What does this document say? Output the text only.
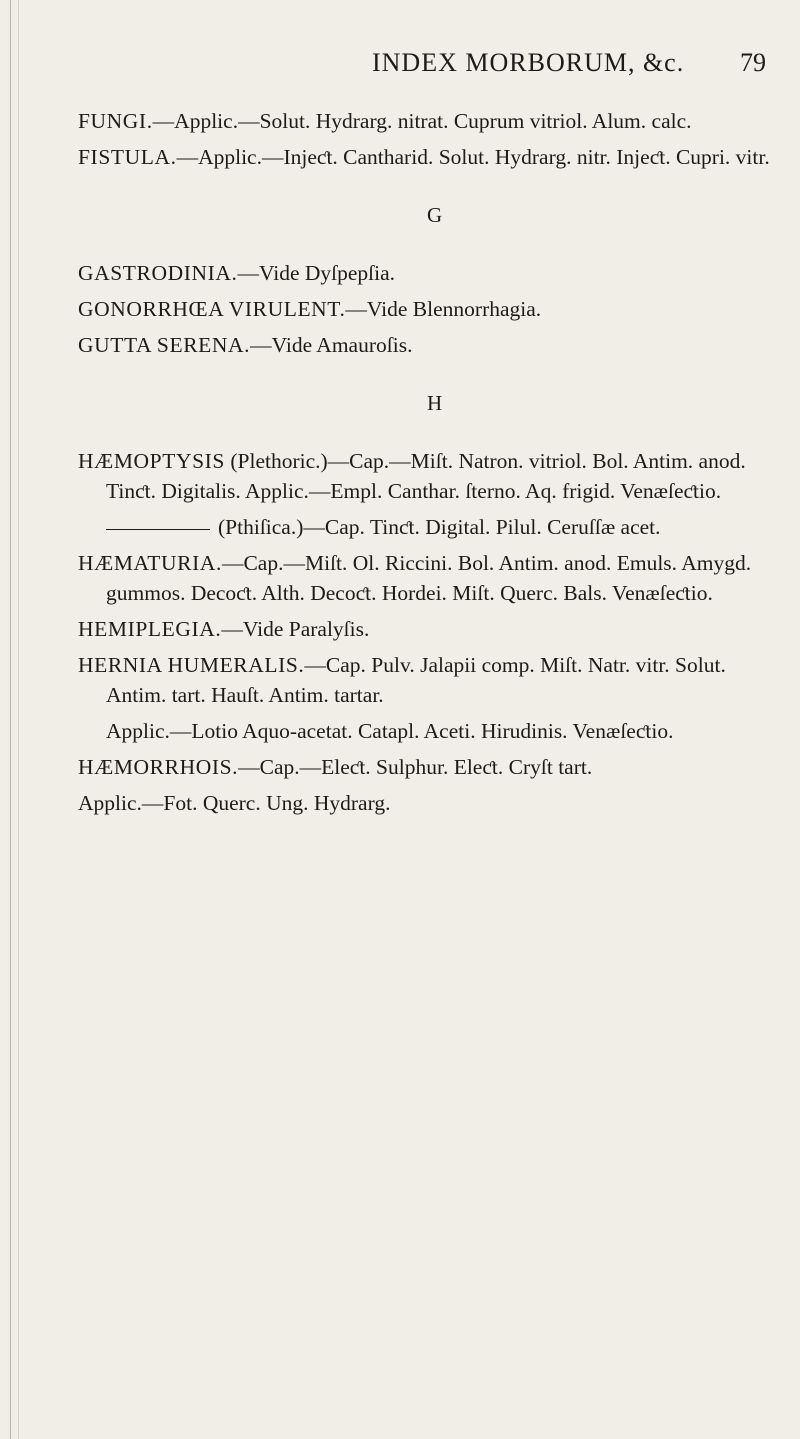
INDEX MORBORUM, &c. 79

FUNGI.—Applic.—Solut. Hydrarg. nitrat. Cuprum vitriol. Alum. calc.

FISTULA.—Applic.—Injeƈt. Cantharid. Solut. Hydrarg. nitr. Injeƈt. Cupri. vitr.

G

GASTRODINIA.—Vide Dyſpepſia.

GONORRHŒA VIRULENT.—Vide Blennorrhagia.

GUTTA SERENA.—Vide Amauroſis.

H

HÆMOPTYSIS (Plethoric.)—Cap.—Miſt. Natron. vitriol. Bol. Antim. anod. Tinƈt. Digitalis. Applic.—Empl. Canthar. ſterno. Aq. frigid. Venæſeƈtio.

(Pthiſica.)—Cap. Tinƈt. Digital. Pilul. Ceruſſæ acet.

HÆMATURIA.—Cap.—Miſt. Ol. Riccini. Bol. Antim. anod. Emuls. Amygd. gummos. Decoƈt. Alth. Decoƈt. Hordei. Miſt. Querc. Bals. Venæſeƈtio.

HEMIPLEGIA.—Vide Paralyſis.

HERNIA HUMERALIS.—Cap. Pulv. Jalapii comp. Miſt. Natr. vitr. Solut. Antim. tart. Hauſt. Antim. tartar.

Applic.—Lotio Aquo-acetat. Catapl. Aceti. Hirudinis. Venæſeƈtio.

HÆMORRHOIS.—Cap.—Eleƈt. Sulphur. Eleƈt. Cryſt tart.

Applic.—Fot. Querc. Ung. Hydrarg.
